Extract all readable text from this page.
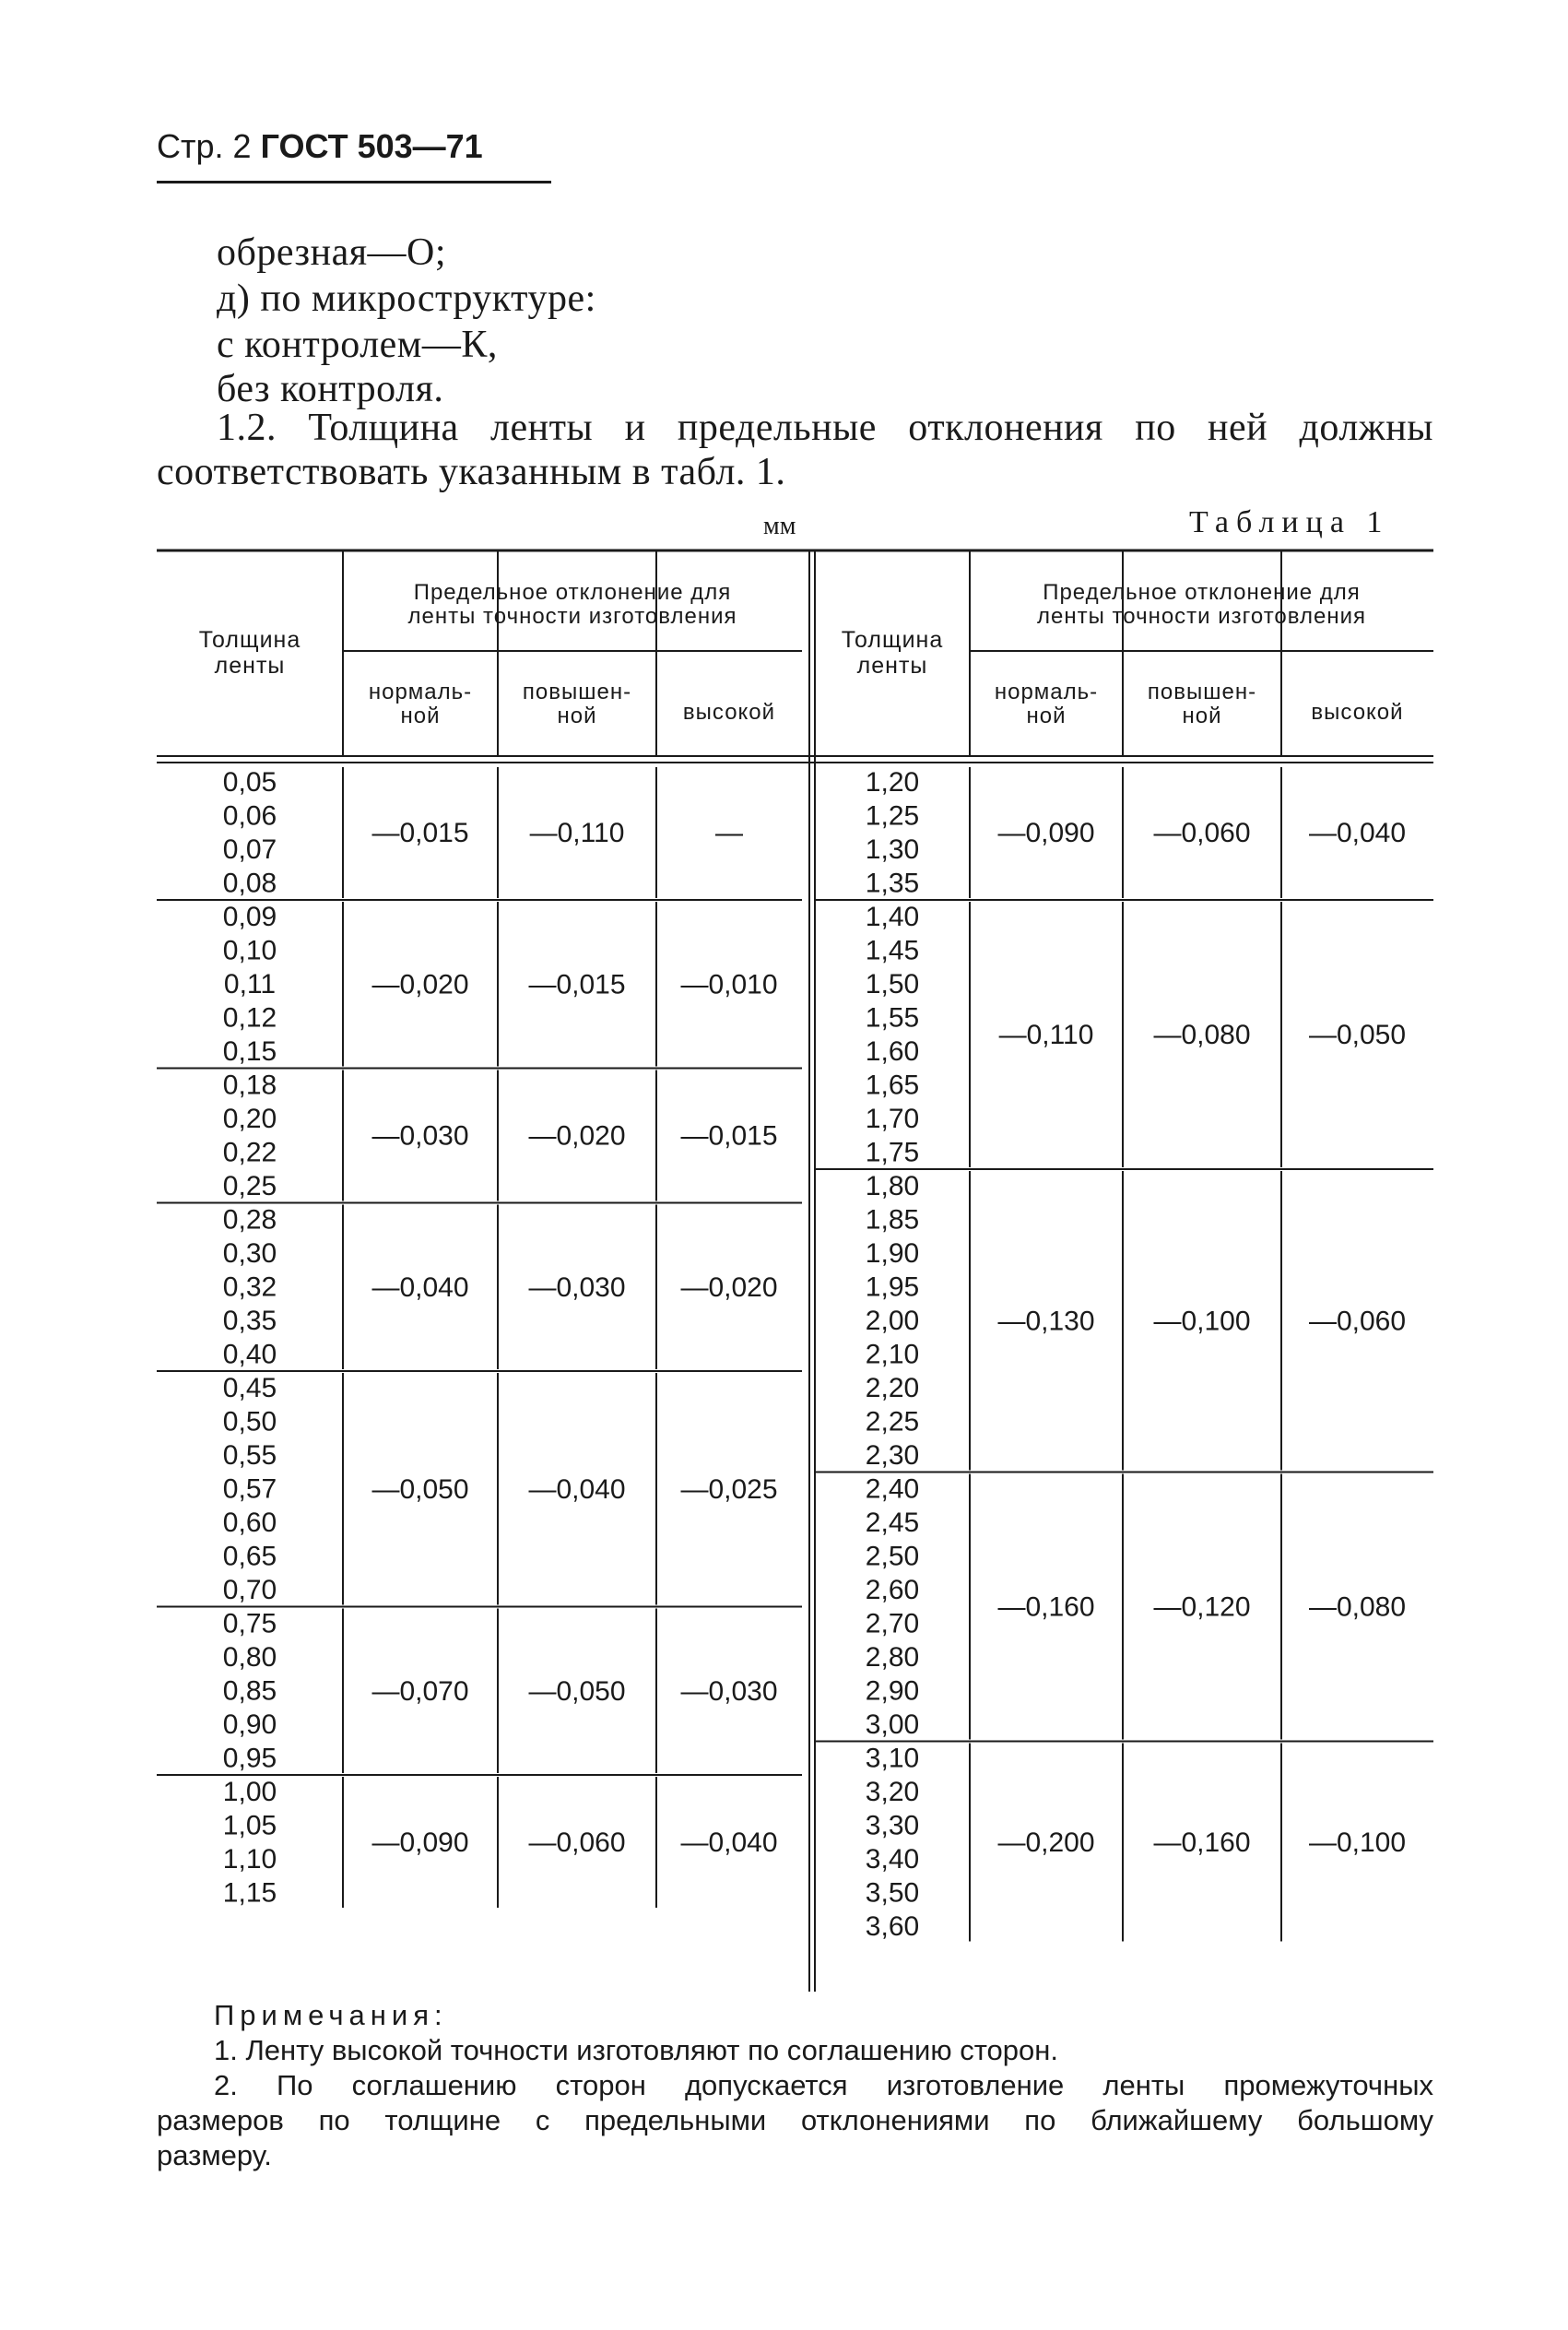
Стр. 2 ГОСТ 503—71
обрезная—О;
д) по микроструктуре:
с контролем—К,
без контроля.
1.2. Толщина ленты и предельные отклонения по ней должны
соответствовать указанным в табл. 1.
мм	Таблица 1
Толщина
ленты
Толщина
ленты
Предельное отклонение для	Предельное отклонение для
ленты точности изготовления	ленты точности изготовления
нормаль-
ной
повышен-
ной	высокой
нормаль-
ной
повышен-
ной	высокой
0,05
0,06
0,07
0,08
—0,015 —0,110	—
0,09
0,10
0,11
0,12
0,15
—0,020 —0,015 —0,010
0,18
0,20
0,22
0,25
—0,030 —0,020 —0,015
0,28
0,30
0,32
0,35
0,40
—0,040 —0,030 —0,020
0,45
0,50
0,55
0,57
0,60
0,65
0,70
—0,050 —0,040 —0,025
0,75
0,80
0,85
0,90
0,95
—0,070 —0,050 —0,030
1,00
1,05
1,10
1,15
—0,090 —0,060 —0,040
1,20
1,25
1,30
1,35
—0,090 —0,060 —0,040
1,40
1,45
1,50
1,55
1,60
1,65
1,70
1,75
—0,110 —0,080 —0,050
1,80
1,85
1,90
1,95
2,00
2,10
2,20
2,25
2,30
—0,130 —0,100 —0,060
2,40
2,45
2,50
2,60
2,70
2,80
2,90
3,00
—0,160 —0,120 —0,080
3,10
3,20
3,30
3,40
3,50
3,60
—0,200 —0,160 —0,100
Примечания:
1. Ленту высокой точности изготовляют по соглашению сторон.
2. По соглашению сторон допускается изготовление ленты промежуточных
размеров по толщине с предельными отклонениями по ближайшему большому
размеру.
